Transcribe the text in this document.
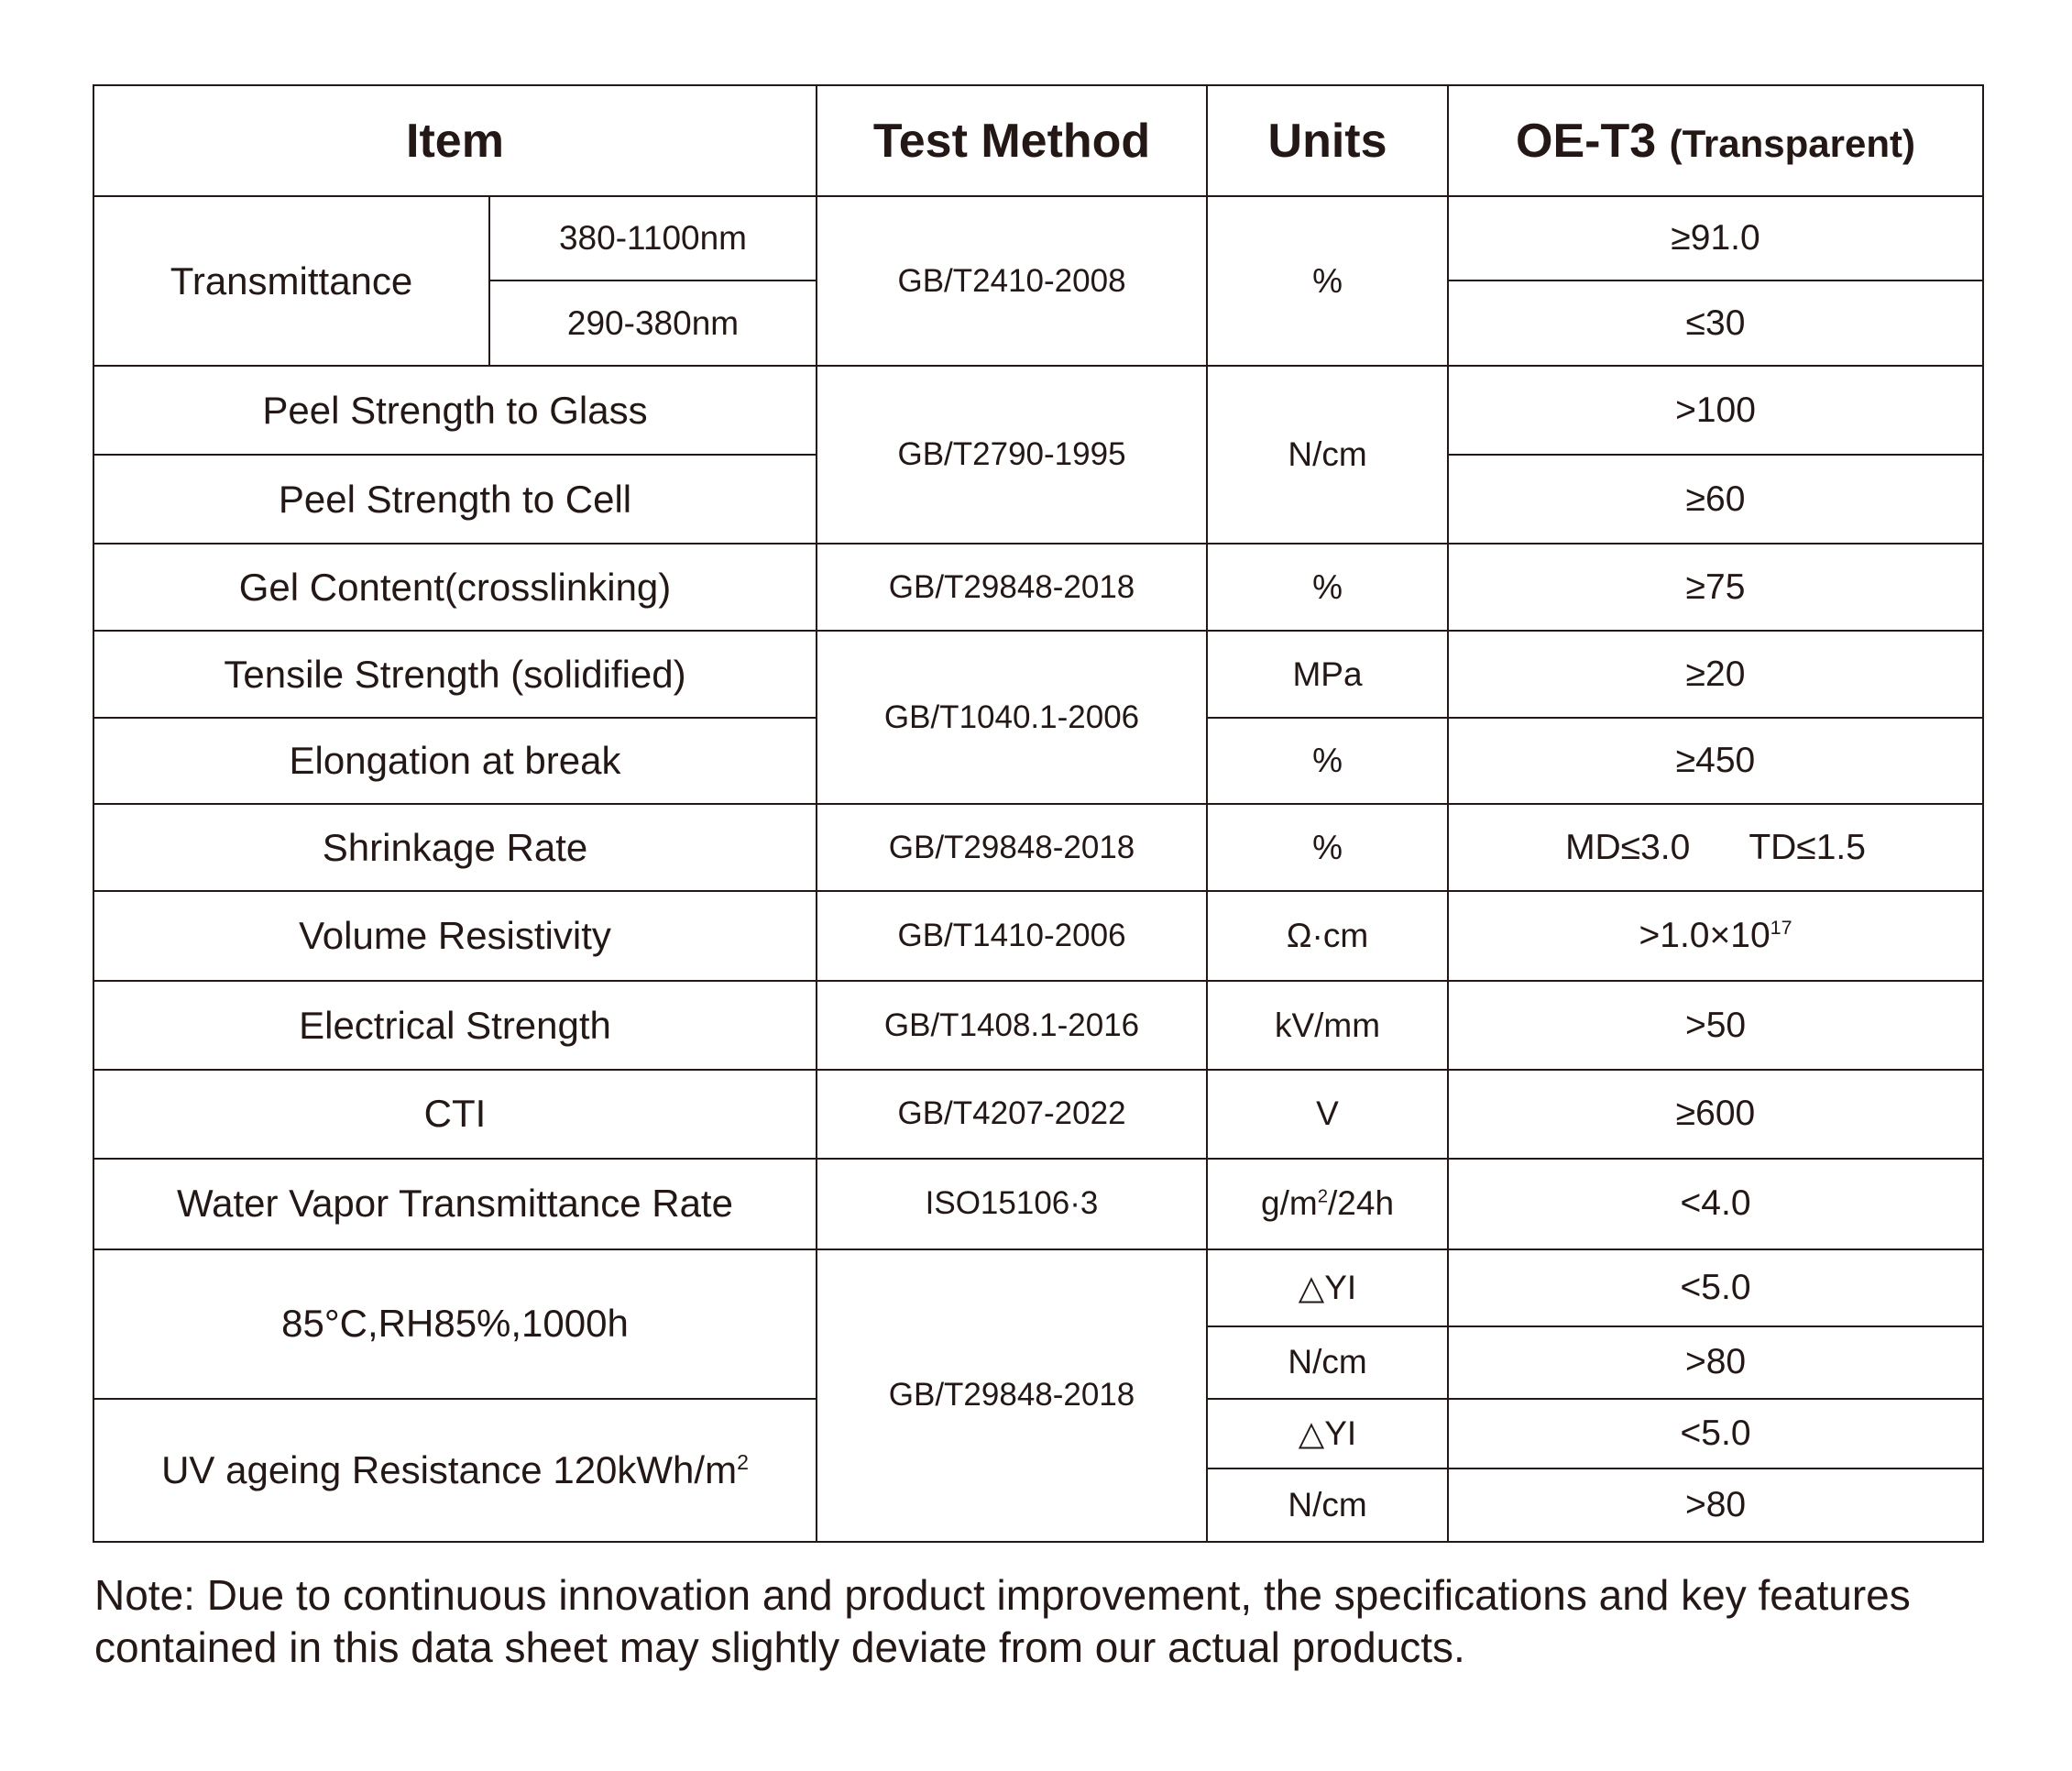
Item		Test Method	Units	OE-T3 (Transparent)
Transmittance	380-1100nm	GB/T2410-2008	%	≥91.0
	290-380nm			≤30
Peel Strength to Glass		GB/T2790-1995	N/cm	>100
Peel Strength to Cell				≥60
Gel Content(crosslinking)		GB/T29848-2018	%	≥75
Tensile Strength (solidified)		GB/T1040.1-2006	MPa	≥20
Elongation at break			%	≥450
Shrinkage Rate		GB/T29848-2018	%	MD≤3.0 TD≤1.5
Volume Resistivity		GB/T1410-2006	Ω·cm	$>1.0\times 10^{17}$
Electrical Strength		GB/T1408.1-2016	kV/mm	>50
CTI		GB/T4207-2022	V	≥600
Water Vapor Transmittance Rate		ISO15106·3	$g/m^2/24h$	<4.0
85°C,RH85%,1000h		GB/T29848-2018	△YI	<5.0
			N/cm	>80
UV ageing Resistance $120kWh/m^2$			△YI	<5.0
			N/cm	>80

Note: Due to continuous innovation and product improvement, the specifications and key features
contained in this data sheet may slightly deviate from our actual products.
